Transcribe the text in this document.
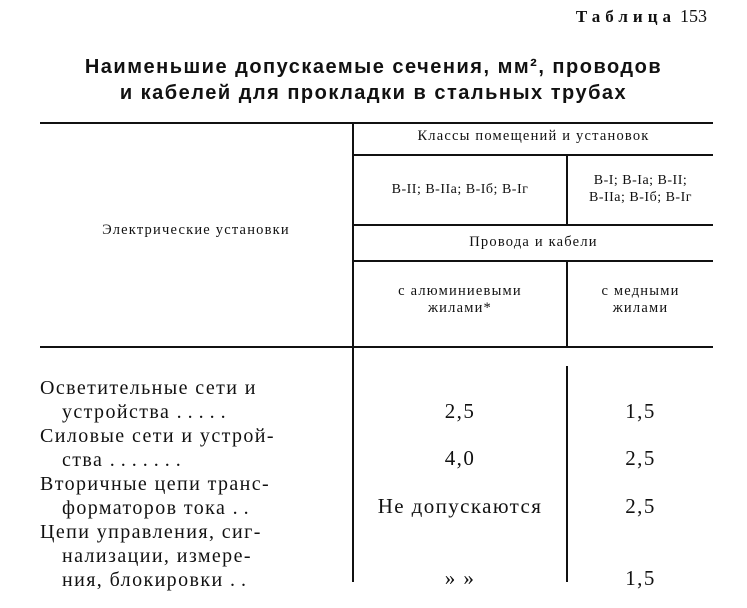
Таблица 153
Наименьшие допускаемые сечения, мм², проводов
и кабелей для прокладки в стальных трубах
Электрические установки
Классы помещений и установок
В-II; В-IIа; В-Iб; В-Iг
В-I; В-Iа; В-II;
В-IIа; В-Iб; В-Iг
Провода и кабели
с алюминиевыми
жилами*
с медными
жилами
Осветительные сети и
устройства .....	2,5	1,5
Силовые сети и устрой-
ства .......	4,0	2,5
Вторичные цепи транс-
форматоров тока ..	Не допускаются	2,5
Цепи управления, сиг-
нализации, измере-
ния, блокировки ..	» »	1,5
